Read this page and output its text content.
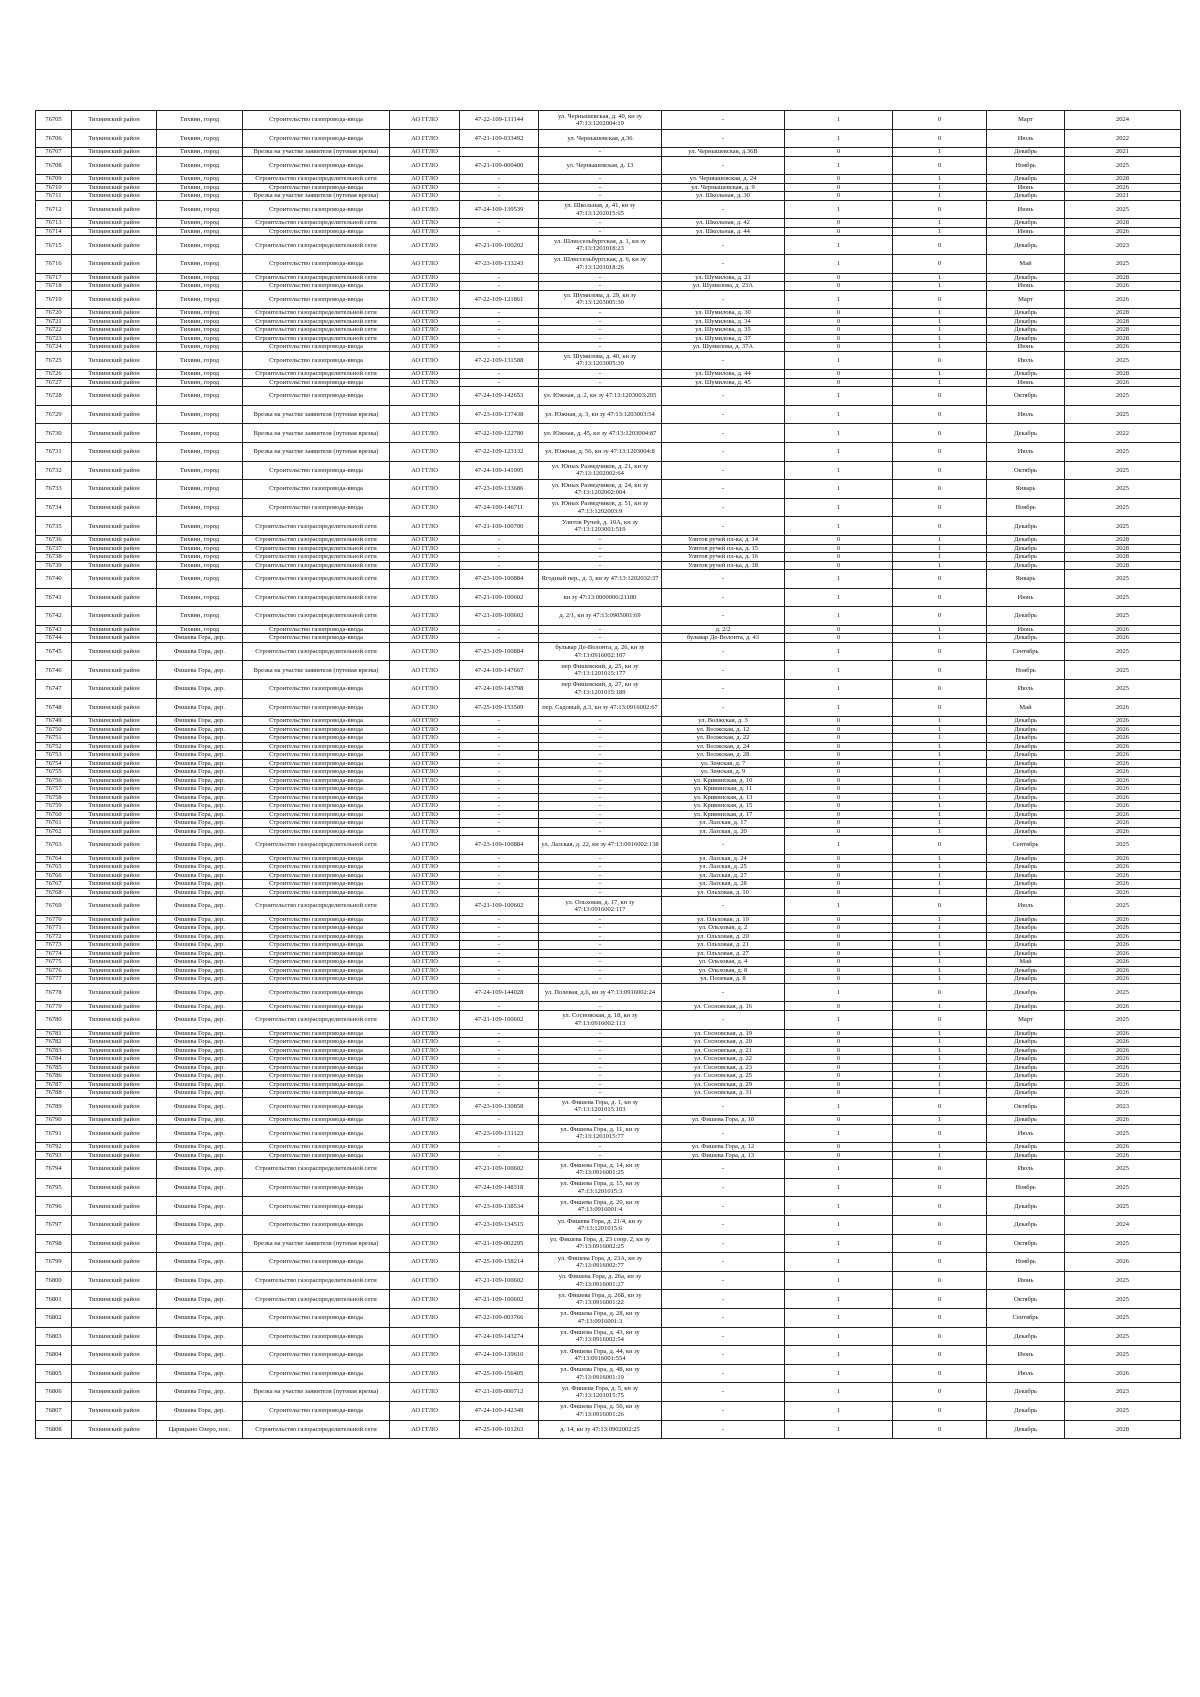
76705	Тихвинский район	Тихвин, город	Строительство газопровода-ввода	АО ГГЛО	47-22-109-131144	ул. Чернышевская, д. 40, кн зу 47:13:1202004:19	-	1	0	Март	2024
76706	Тихвинский район	Тихвин, город	Строительство газопровода-ввода	АО ГГЛО	47-21-109-033492	ул. Чернышевская, д.36	-	1	0	Июль	2022
76707	Тихвинский район	Тихвин, город	Врезка на участке заявителя (путевая врезка)	АО ГГЛО	-	-	ул. Чернышевская, д.36В	0	1	Декабрь	2021
76708	Тихвинский район	Тихвин, город	Строительство газопровода-ввода	АО ГГЛО	47-21-109-000400	ул. Чернышевская, д. 13	-	1	0	Ноябрь	2025
76709	Тихвинский район	Тихвин, город	Строительство газораспределительной сети	АО ГГЛО	-	-	ул. Чернышевская, д. 24	0	1	Декабрь	2028
76710	Тихвинский район	Тихвин, город	Строительство газопровода-ввода	АО ГГЛО	-	-	ул. Чернышевская, д. 9	0	1	Июнь	2026
76711	Тихвинский район	Тихвин, город	Врезка на участке заявителя (путевая врезка)	АО ГГЛО	-	-	ул. Школьная, д. 30	0	1	Декабрь	2021
76712	Тихвинский район	Тихвин, город	Строительство газопровода-ввода	АО ГГЛО	47-24-109-139539	ул. Школьная, д. 41, кн зу 47:13:1202015:65	-	1	0	Июнь	2025
76713	Тихвинский район	Тихвин, город	Строительство газораспределительной сети	АО ГГЛО	-	-	ул. Школьная, д. 42	0	1	Декабрь	2028
76714	Тихвинский район	Тихвин, город	Строительство газопровода-ввода	АО ГГЛО	-	-	ул. Школьная, д. 44	0	1	Июнь	2026
76715	Тихвинский район	Тихвин, город	Строительство газораспределительной сети	АО ГГЛО	47-21-109-100202	ул. Шлиссельбургская, д. 1, кн зу 47:13:1201018:23	-	1	0	Декабрь	2023
76716	Тихвинский район	Тихвин, город	Строительство газопровода-ввода	АО ГГЛО	47-23-109-133243	ул. Шлиссельбургская, д. 6, кн зу 47:13:1201018:26	-	1	0	Май	2025
76717	Тихвинский район	Тихвин, город	Строительство газораспределительной сети	АО ГГЛО	-	-	ул. Шумилова, д. 21	0	1	Декабрь	2028
76718	Тихвинский район	Тихвин, город	Строительство газопровода-ввода	АО ГГЛО	-	-	ул. Шумилова, д. 23А	0	1	Июнь	2026
76719	Тихвинский район	Тихвин, город	Строительство газопровода-ввода	АО ГГЛО	47-22-109-121861	ул. Шумилова, д. 29, кн зу 47:13:1203005:30	-	1	0	Март	2026
76720	Тихвинский район	Тихвин, город	Строительство газораспределительной сети	АО ГГЛО	-	-	ул. Шумилова, д. 30	0	1	Декабрь	2028
76721	Тихвинский район	Тихвин, город	Строительство газораспределительной сети	АО ГГЛО	-	-	ул. Шумилова, д. 34	0	1	Декабрь	2028
76722	Тихвинский район	Тихвин, город	Строительство газораспределительной сети	АО ГГЛО	-	-	ул. Шумилова, д. 35	0	1	Декабрь	2028
76723	Тихвинский район	Тихвин, город	Строительство газораспределительной сети	АО ГГЛО	-	-	ул. Шумилова, д. 37	0	1	Декабрь	2028
76724	Тихвинский район	Тихвин, город	Строительство газопровода-ввода	АО ГГЛО	-	-	ул. Шумилова, д. 37А	0	1	Июнь	2026
76725	Тихвинский район	Тихвин, город	Строительство газопровода-ввода	АО ГГЛО	47-22-109-131588	ул. Шумилова, д. 40, кн зу 47:13:1203005:39	-	1	0	Июль	2025
76726	Тихвинский район	Тихвин, город	Строительство газораспределительной сети	АО ГГЛО	-	-	ул. Шумилова, д. 44	0	1	Декабрь	2028
76727	Тихвинский район	Тихвин, город	Строительство газопровода-ввода	АО ГГЛО	-	-	ул. Шумилова, д. 45	0	1	Июнь	2026
76728	Тихвинский район	Тихвин, город	Строительство газопровода-ввода	АО ГГЛО	47-24-109-142653	ул. Южная, д. 2, кн зу 47:13:1203003:205	-	1	0	Октябрь	2025
76729	Тихвинский район	Тихвин, город	Врезка на участке заявителя (путевая врезка)	АО ГГЛО	47-23-109-137438	ул. Южная, д. 3, кн зу 47:13:1203003:54	-	1	0	Июль	2025
76730	Тихвинский район	Тихвин, город	Врезка на участке заявителя (путевая врезка)	АО ГГЛО	47-22-109-122780	ул. Южная, д. 45, кн зу 47:13:1203004:87	-	1	0	Декабрь	2022
76731	Тихвинский район	Тихвин, город	Врезка на участке заявителя (путевая врезка)	АО ГГЛО	47-22-109-123132	ул. Южная, д. 56, кн зу 47:13:1203004:8	-	1	0	Июль	2025
76732	Тихвинский район	Тихвин, город	Строительство газопровода-ввода	АО ГГЛО	47-24-109-141995	ул. Юных Разведчиков, д. 21, кн зу 47:13:1202002:64	-	1	0	Октябрь	2025
76733	Тихвинский район	Тихвин, город	Строительство газопровода-ввода	АО ГГЛО	47-23-109-133686	ул. Юных Разведчиков, д. 24, кн зу 47:13:1202002:004	-	1	0	Январь	2025
76734	Тихвинский район	Тихвин, город	Строительство газопровода-ввода	АО ГГЛО	47-24-109-146711	ул. Юных Разведчиков, д. 51, кн зу 47:13:1202003:9	-	1	0	Ноябрь	2025
76735	Тихвинский район	Тихвин, город	Строительство газораспределительной сети	АО ГГЛО	47-21-109-100700	Улитов Ручей, д. 10А, кн зу 47:13:1203001:519	-	1	0	Декабрь	2025
76736	Тихвинский район	Тихвин, город	Строительство газораспределительной сети	АО ГГЛО	-	-	Улитов ручей пл-ка, д. 14	0	1	Декабрь	2028
76737	Тихвинский район	Тихвин, город	Строительство газораспределительной сети	АО ГГЛО	-	-	Улитов ручей пл-ка, д. 15	0	1	Декабрь	2028
76738	Тихвинский район	Тихвин, город	Строительство газораспределительной сети	АО ГГЛО	-	-	Улитов ручей пл-ка, д. 16	0	1	Декабрь	2028
76739	Тихвинский район	Тихвин, город	Строительство газораспределительной сети	АО ГГЛО	-	-	Улитов ручей пл-ка, д. 18	0	1	Декабрь	2028
76740	Тихвинский район	Тихвин, город	Строительство газораспределительной сети	АО ГГЛО	47-23-109-100884	Ягодный пер., д. 3, кн зу 47:13:1202032:37	-	1	0	Январь	2025
76741	Тихвинский район	Тихвин, город	Строительство газораспределительной сети	АО ГГЛО	47-21-109-100602	кн зу 47:13:0000000:21180	-	1	0	Июнь	2025
76742	Тихвинский район	Тихвин, город	Строительство газораспределительной сети	АО ГГЛО	47-21-109-100602	д. 2/1, кн зу 47:13:0905001:69	-	1	0	Декабрь	2025
76743	Тихвинский район	Тихвин, город	Строительство газопровода-ввода	АО ГГЛО	-	-	д. 2/2	0	1	Июнь	2026
76744	Тихвинский район	Фишева Гора, дер.	Строительство газопровода-ввода	АО ГГЛО	-	-	бульвар Де-Волонта, д. 43	0	1	Декабрь	2026
76745	Тихвинский район	Фишева Гора, дер.	Строительство газораспределительной сети	АО ГГЛО	47-23-109-100884	бульвар Де-Волонта, д. 26, кн зу 47:13:0916002:107	-	1	0	Сентябрь	2025
76746	Тихвинский район	Фишева Гора, дер.	Врезка на участке заявителя (путевая врезка)	АО ГГЛО	47-24-109-147667	пер Фишевский, д. 25, кн зу 47:13:1201015:177	-	1	0	Ноябрь	2025
76747	Тихвинский район	Фишева Гора, дер.	Строительство газопровода-ввода	АО ГГЛО	47-24-109-143798	пер Фишевский, д. 27, кн зу 47:13:1201015:189	-	1	0	Июль	2025
76748	Тихвинский район	Фишева Гора, дер.	Строительство газопровода-ввода	АО ГГЛО	47-25-109-153509	пер. Садовый, д.3, кн зу 47:13:0916002:67	-	1	0	Май	2026
76749	Тихвинский район	Фишева Гора, дер.	Строительство газопровода-ввода	АО ГГЛО	-	-	ул. Волжская, д. 3	0	1	Декабрь	2026
76750	Тихвинский район	Фишева Гора, дер.	Строительство газопровода-ввода	АО ГГЛО	-	-	ул. Волжская, д. 12	0	1	Декабрь	2026
76751	Тихвинский район	Фишева Гора, дер.	Строительство газопровода-ввода	АО ГГЛО	-	-	ул. Волжская, д. 22	0	1	Декабрь	2026
76752	Тихвинский район	Фишева Гора, дер.	Строительство газопровода-ввода	АО ГГЛО	-	-	ул. Волжская, д. 24	0	1	Декабрь	2026
76753	Тихвинский район	Фишева Гора, дер.	Строительство газопровода-ввода	АО ГГЛО	-	-	ул. Волжская, д. 28	0	1	Декабрь	2026
76754	Тихвинский район	Фишева Гора, дер.	Строительство газопровода-ввода	АО ГГЛО	-	-	ул. Земская, д. 7	0	1	Декабрь	2026
76755	Тихвинский район	Фишева Гора, дер.	Строительство газопровода-ввода	АО ГГЛО	-	-	ул. Земская, д. 9	0	1	Декабрь	2026
76756	Тихвинский район	Фишева Гора, дер.	Строительство газопровода-ввода	АО ГГЛО	-	-	ул. Кривинская, д. 10	0	1	Декабрь	2026
76757	Тихвинский район	Фишева Гора, дер.	Строительство газопровода-ввода	АО ГГЛО	-	-	ул. Кривинская, д. 11	0	1	Декабрь	2026
76758	Тихвинский район	Фишева Гора, дер.	Строительство газопровода-ввода	АО ГГЛО	-	-	ул. Кривинская, д. 13	0	1	Декабрь	2026
76759	Тихвинский район	Фишева Гора, дер.	Строительство газопровода-ввода	АО ГГЛО	-	-	ул. Кривинская, д. 15	0	1	Декабрь	2026
76760	Тихвинский район	Фишева Гора, дер.	Строительство газопровода-ввода	АО ГГЛО	-	-	ул. Кривинская, д. 17	0	1	Декабрь	2026
76761	Тихвинский район	Фишева Гора, дер.	Строительство газопровода-ввода	АО ГГЛО	-	-	ул. Лазская, д. 17	0	1	Декабрь	2026
76762	Тихвинский район	Фишева Гора, дер.	Строительство газопровода-ввода	АО ГГЛО	-	-	ул. Лазская, д. 20	0	1	Декабрь	2026
76763	Тихвинский район	Фишева Гора, дер.	Строительство газораспределительной сети	АО ГГЛО	47-23-109-100884	ул. Лазская, д. 22, кн зу 47:13:0916002:138	-	1	0	Сентябрь	2025
76764	Тихвинский район	Фишева Гора, дер.	Строительство газопровода-ввода	АО ГГЛО	-	-	ул. Лазская, д. 24	0	1	Декабрь	2026
76765	Тихвинский район	Фишева Гора, дер.	Строительство газопровода-ввода	АО ГГЛО	-	-	ул. Лазская, д. 25	0	1	Декабрь	2026
76766	Тихвинский район	Фишева Гора, дер.	Строительство газопровода-ввода	АО ГГЛО	-	-	ул. Лазская, д. 27	0	1	Декабрь	2026
76767	Тихвинский район	Фишева Гора, дер.	Строительство газопровода-ввода	АО ГГЛО	-	-	ул. Лазская, д. 28	0	1	Декабрь	2026
76768	Тихвинский район	Фишева Гора, дер.	Строительство газопровода-ввода	АО ГГЛО	-	-	ул. Ольховая, д. 10	0	1	Декабрь	2026
76769	Тихвинский район	Фишева Гора, дер.	Строительство газораспределительной сети	АО ГГЛО	47-21-109-100602	ул. Ольховая, д. 17, кн зу 47:13:0916002:117	-	1	0	Июль	2025
76770	Тихвинский район	Фишева Гора, дер.	Строительство газопровода-ввода	АО ГГЛО	-	-	ул. Ольховая, д. 19	0	1	Декабрь	2026
76771	Тихвинский район	Фишева Гора, дер.	Строительство газопровода-ввода	АО ГГЛО	-	-	ул. Ольховая, д. 2	0	1	Декабрь	2026
76772	Тихвинский район	Фишева Гора, дер.	Строительство газопровода-ввода	АО ГГЛО	-	-	ул. Ольховая, д. 20	0	1	Декабрь	2026
76773	Тихвинский район	Фишева Гора, дер.	Строительство газопровода-ввода	АО ГГЛО	-	-	ул. Ольховая, д. 21	0	1	Декабрь	2026
76774	Тихвинский район	Фишева Гора, дер.	Строительство газопровода-ввода	АО ГГЛО	-	-	ул. Ольховая, д. 27	0	1	Декабрь	2026
76775	Тихвинский район	Фишева Гора, дер.	Строительство газопровода-ввода	АО ГГЛО	-	-	ул. Ольховая, д. 4	0	1	Май	2026
76776	Тихвинский район	Фишева Гора, дер.	Строительство газопровода-ввода	АО ГГЛО	-	-	ул. Ольховая, д. 8	0	1	Декабрь	2026
76777	Тихвинский район	Фишева Гора, дер.	Строительство газопровода-ввода	АО ГГЛО	-	-	ул. Полевая, д. 8	0	1	Декабрь	2026
76778	Тихвинский район	Фишева Гора, дер.	Строительство газопровода-ввода	АО ГГЛО	47-24-109-144028	ул. Полевая, д.6, кн зу 47:13:0916002:24	-	1	0	Декабрь	2025
76779	Тихвинский район	Фишева Гора, дер.	Строительство газопровода-ввода	АО ГГЛО	-	-	ул. Сосновская, д. 16	0	1	Декабрь	2026
76780	Тихвинский район	Фишева Гора, дер.	Строительство газораспределительной сети	АО ГГЛО	47-21-109-100602	ул. Сосновская, д. 18, кн зу 47:13:0916002:113	-	1	0	Март	2025
76781	Тихвинский район	Фишева Гора, дер.	Строительство газопровода-ввода	АО ГГЛО	-	-	ул. Сосновская, д. 19	0	1	Декабрь	2026
76782	Тихвинский район	Фишева Гора, дер.	Строительство газопровода-ввода	АО ГГЛО	-	-	ул. Сосновская, д. 20	0	1	Декабрь	2026
76783	Тихвинский район	Фишева Гора, дер.	Строительство газопровода-ввода	АО ГГЛО	-	-	ул. Сосновская, д. 21	0	1	Декабрь	2026
76784	Тихвинский район	Фишева Гора, дер.	Строительство газопровода-ввода	АО ГГЛО	-	-	ул. Сосновская, д. 22	0	1	Декабрь	2026
76785	Тихвинский район	Фишева Гора, дер.	Строительство газопровода-ввода	АО ГГЛО	-	-	ул. Сосновская, д. 23	0	1	Декабрь	2026
76786	Тихвинский район	Фишева Гора, дер.	Строительство газопровода-ввода	АО ГГЛО	-	-	ул. Сосновская, д. 25	0	1	Декабрь	2026
76787	Тихвинский район	Фишева Гора, дер.	Строительство газопровода-ввода	АО ГГЛО	-	-	ул. Сосновская, д. 29	0	1	Декабрь	2026
76788	Тихвинский район	Фишева Гора, дер.	Строительство газопровода-ввода	АО ГГЛО	-	-	ул. Сосновская, д. 31	0	1	Декабрь	2026
76789	Тихвинский район	Фишева Гора, дер.	Строительство газопровода-ввода	АО ГГЛО	47-23-109-130858	ул. Фишева Гора, д. 1, кн зу 47:13:1201015:103	-	1	0	Октябрь	2023
76790	Тихвинский район	Фишева Гора, дер.	Строительство газопровода-ввода	АО ГГЛО	-	-	ул. Фишева Гора, д. 10	0	1	Декабрь	2026
76791	Тихвинский район	Фишева Гора, дер.	Строительство газопровода-ввода	АО ГГЛО	47-23-109-131123	ул. Фишева Гора, д. 11, кн зу 47:13:1201015:77	-	1	0	Июль	2025
76792	Тихвинский район	Фишева Гора, дер.	Строительство газопровода-ввода	АО ГГЛО	-	-	ул. Фишева Гора, д. 12	0	1	Декабрь	2026
76793	Тихвинский район	Фишева Гора, дер.	Строительство газопровода-ввода	АО ГГЛО	-	-	ул. Фишева Гора, д. 13	0	1	Декабрь	2026
76794	Тихвинский район	Фишева Гора, дер.	Строительство газораспределительной сети	АО ГГЛО	47-21-109-100602	ул. Фишева Гора, д. 14, кн зу 47:13:0916001:25	-	1	0	Июль	2025
76795	Тихвинский район	Фишева Гора, дер.	Строительство газопровода-ввода	АО ГГЛО	47-24-109-148318	ул. Фишева Гора, д. 15, кн зу 47:13:1201015:3	-	1	0	Ноябрь	2025
76796	Тихвинский район	Фишева Гора, дер.	Строительство газопровода-ввода	АО ГГЛО	47-23-109-138534	ул. Фишева Гора, д. 20, кн зу 47:13:0916001:4	-	1	0	Декабрь	2025
76797	Тихвинский район	Фишева Гора, дер.	Строительство газопровода-ввода	АО ГГЛО	47-23-109-134515	ул. Фишева Гора, д. 21/4, кн зу 47:13:1201015:6	-	1	0	Декабрь	2024
76798	Тихвинский район	Фишева Гора, дер.	Врезка на участке заявителя (путевая врезка)	АО ГГЛО	47-21-109-002295	ул. Фишева Гора, д. 23 соор. 2, кн зу 47:13:0916002:25	-	1	0	Октябрь	2025
76799	Тихвинский район	Фишева Гора, дер.	Строительство газопровода-ввода	АО ГГЛО	47-25-109-158214	ул. Фишева Гора, д. 23А, кн зу 47:13:0916002:77	-	1	0	Ноябрь	2026
76800	Тихвинский район	Фишева Гора, дер.	Строительство газораспределительной сети	АО ГГЛО	47-21-109-100602	ул. Фишева Гора, д. 26а, кн зу 47:13:0916001:27	-	1	0	Июнь	2025
76801	Тихвинский район	Фишева Гора, дер.	Строительство газораспределительной сети	АО ГГЛО	47-21-109-100602	ул. Фишева Гора, д. 26Б, кн зу 47:13:0916001:22	-	1	0	Октябрь	2025
76802	Тихвинский район	Фишева Гора, дер.	Строительство газопровода-ввода	АО ГГЛО	47-22-109-003766	ул. Фишева Гора, д. 28, кн зу 47:13:0916001:3	-	1	0	Сентябрь	2025
76803	Тихвинский район	Фишева Гора, дер.	Строительство газопровода-ввода	АО ГГЛО	47-24-109-143274	ул. Фишева Гора, д. 43, кн зу 47:13:0916002:54	-	1	0	Декабрь	2025
76804	Тихвинский район	Фишева Гора, дер.	Строительство газопровода-ввода	АО ГГЛО	47-24-109-139610	ул. Фишева Гора, д. 44, кн зу 47:13:0916001:554	-	1	0	Июнь	2025
76805	Тихвинский район	Фишева Гора, дер.	Строительство газопровода-ввода	АО ГГЛО	47-25-109-156405	ул. Фишева Гора, д. 48, кн зу 47:13:0916001:19	-	1	0	Июль	2026
76806	Тихвинский район	Фишева Гора, дер.	Врезка на участке заявителя (путевая врезка)	АО ГГЛО	47-21-109-000712	ул. Фишева Гора, д. 5, кн зу 47:13:1201015:75	-	1	0	Декабрь	2023
76807	Тихвинский район	Фишева Гора, дер.	Строительство газопровода-ввода	АО ГГЛО	47-24-109-142349	ул. Фишева Гора, д. 50, кн зу 47:13:0916001:26	-	1	0	Декабрь	2025
76808	Тихвинский район	Царицыно Озеро, пос.	Строительство газораспределительной сети	АО ГГЛО	47-25-109-101263	д. 14, кн зу 47:13:0902002:25	-	1	0	Декабрь	2028
